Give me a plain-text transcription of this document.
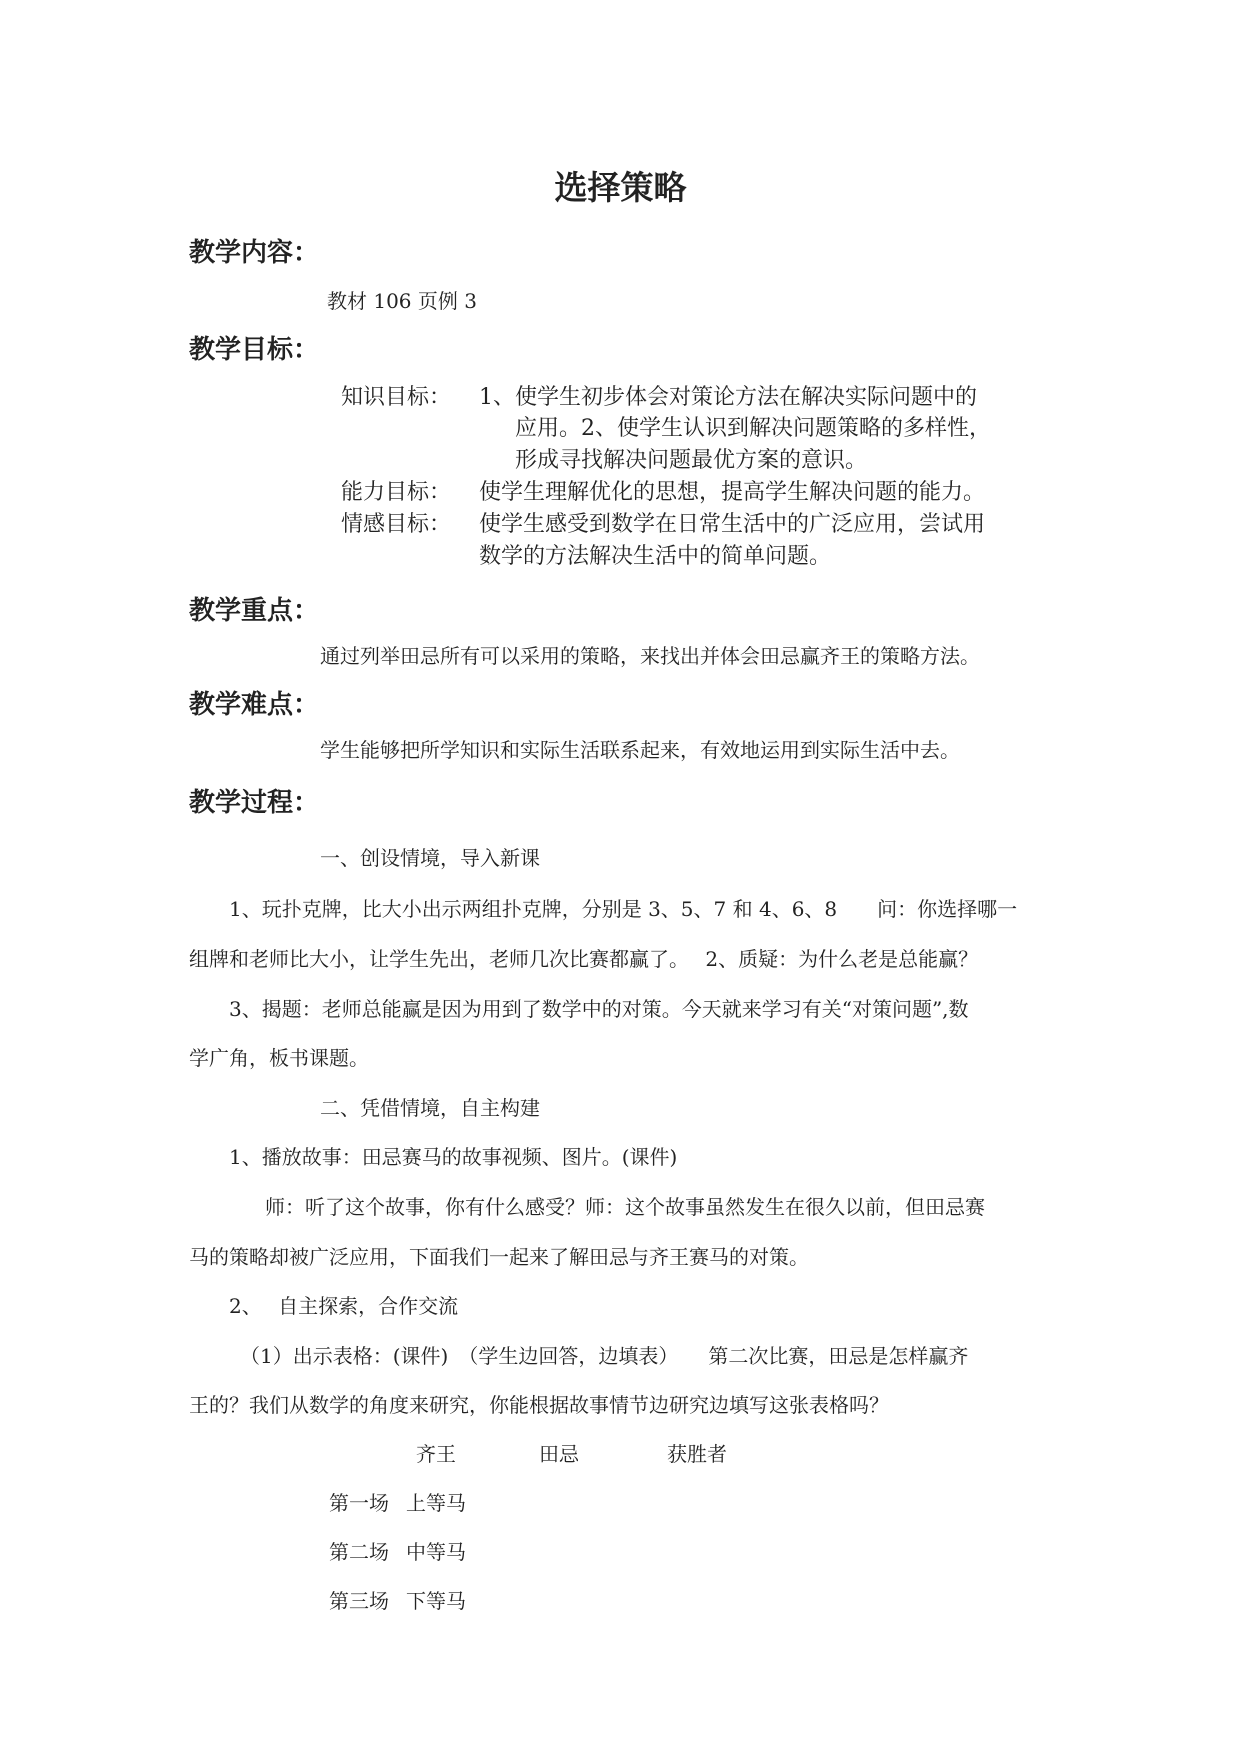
选择策略
教学内容：
教材 106 页例 3
教学目标：
知识目标： 1、使学生初步体会对策论方法在解决实际问题中的
应用。2、使学生认识到解决问题策略的多样性，
形成寻找解决问题最优方案的意识。
能力目标： 使学生理解优化的思想，提高学生解决问题的能力。
情感目标： 使学生感受到数学在日常生活中的广泛应用，尝试用
数学的方法解决生活中的简单问题。
教学重点：
通过列举田忌所有可以采用的策略，来找出并体会田忌赢齐王的策略方法。
教学难点：
学生能够把所学知识和实际生活联系起来，有效地运用到实际生活中去。
教学过程：
一、创设情境，导入新课
1、玩扑克牌，比大小出示两组扑克牌，分别是 3、5、7 和 4、6、8　　问：你选择哪一
组牌和老师比大小，让学生先出，老师几次比赛都赢了。　 2、质疑：为什么老是总能赢？
3、揭题：老师总能赢是因为用到了数学中的对策。今天就来学习有关“对策问题”,数
学广角，板书课题。
二、凭借情境，自主构建
1、播放故事：田忌赛马的故事视频、图片。(课件)
师：听了这个故事，你有什么感受？师：这个故事虽然发生在很久以前，但田忌赛
马的策略却被广泛应用，下面我们一起来了解田忌与齐王赛马的对策。
2、　 自主探索，合作交流
（1）出示表格：(课件)　（学生边回答，边填表）　　第二次比赛，田忌是怎样赢齐
王的？我们从数学的角度来研究，你能根据故事情节边研究边填写这张表格吗？
齐王	田忌	获胜者
第一场 上等马
第二场 中等马
第三场 下等马
